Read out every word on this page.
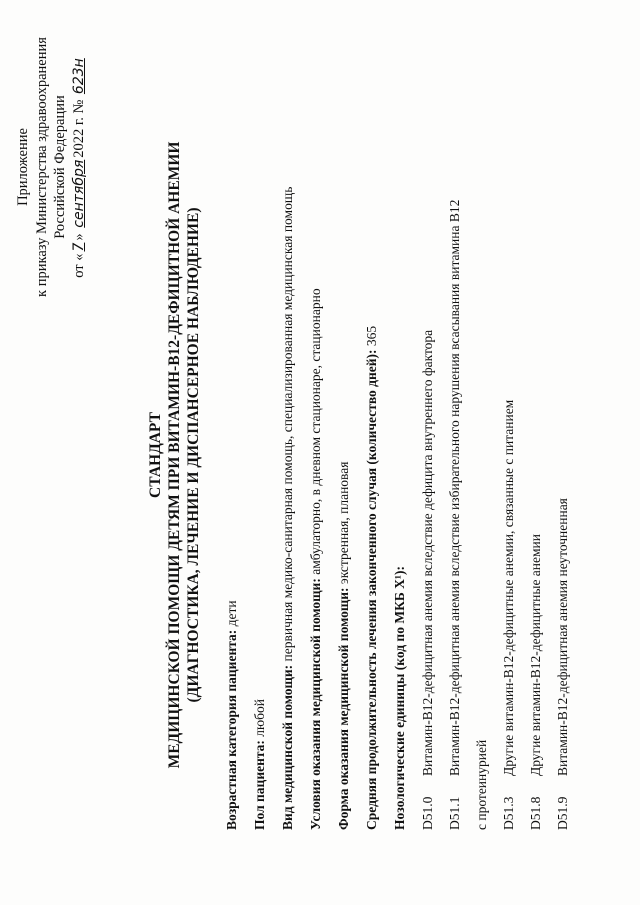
Приложение к приказу Министерства здравоохранения Российской Федерации
от «7» сентября2022 г. № 623н
СТАНДАРТ МЕДИЦИНСКОЙ ПОМОЩИ ДЕТЯМ ПРИ ВИТАМИН-В12-ДЕФИЦИТНОЙ АНЕМИИ (ДИАГНОСТИКА, ЛЕЧЕНИЕ И ДИСПАНСЕРНОЕ НАБЛЮДЕНИЕ)
Возрастная категория пациента: дети
Пол пациента: любой Вид медицинской помощи: первичная медико-санитарная помощь, специализированная медицинская помощь
Условия оказания медицинской помощи: амбулаторно, в дневном стационаре, стационарно
Форма оказания медицинской помощи: экстренная, плановая Средняя продолжительность лечения законченного случая (количество дней): 365
Нозологические единицы (код по МКБ Х¹): D51.0
Витамин-В12-дефицитная анемия вследствие дефицита внутреннего фактора
D51.1
Витамин-В12-дефицитная анемия вследствие избирательного нарушения всасывания витамина В12
с протеинурией D51.3
Другие витамин-В12-дефицитные анемии, связанные с питанием
D51.8
Другие витамин-В12-дефицитные анемии
D51.9
Витамин-В12-дефицитная анемия неуточненная
